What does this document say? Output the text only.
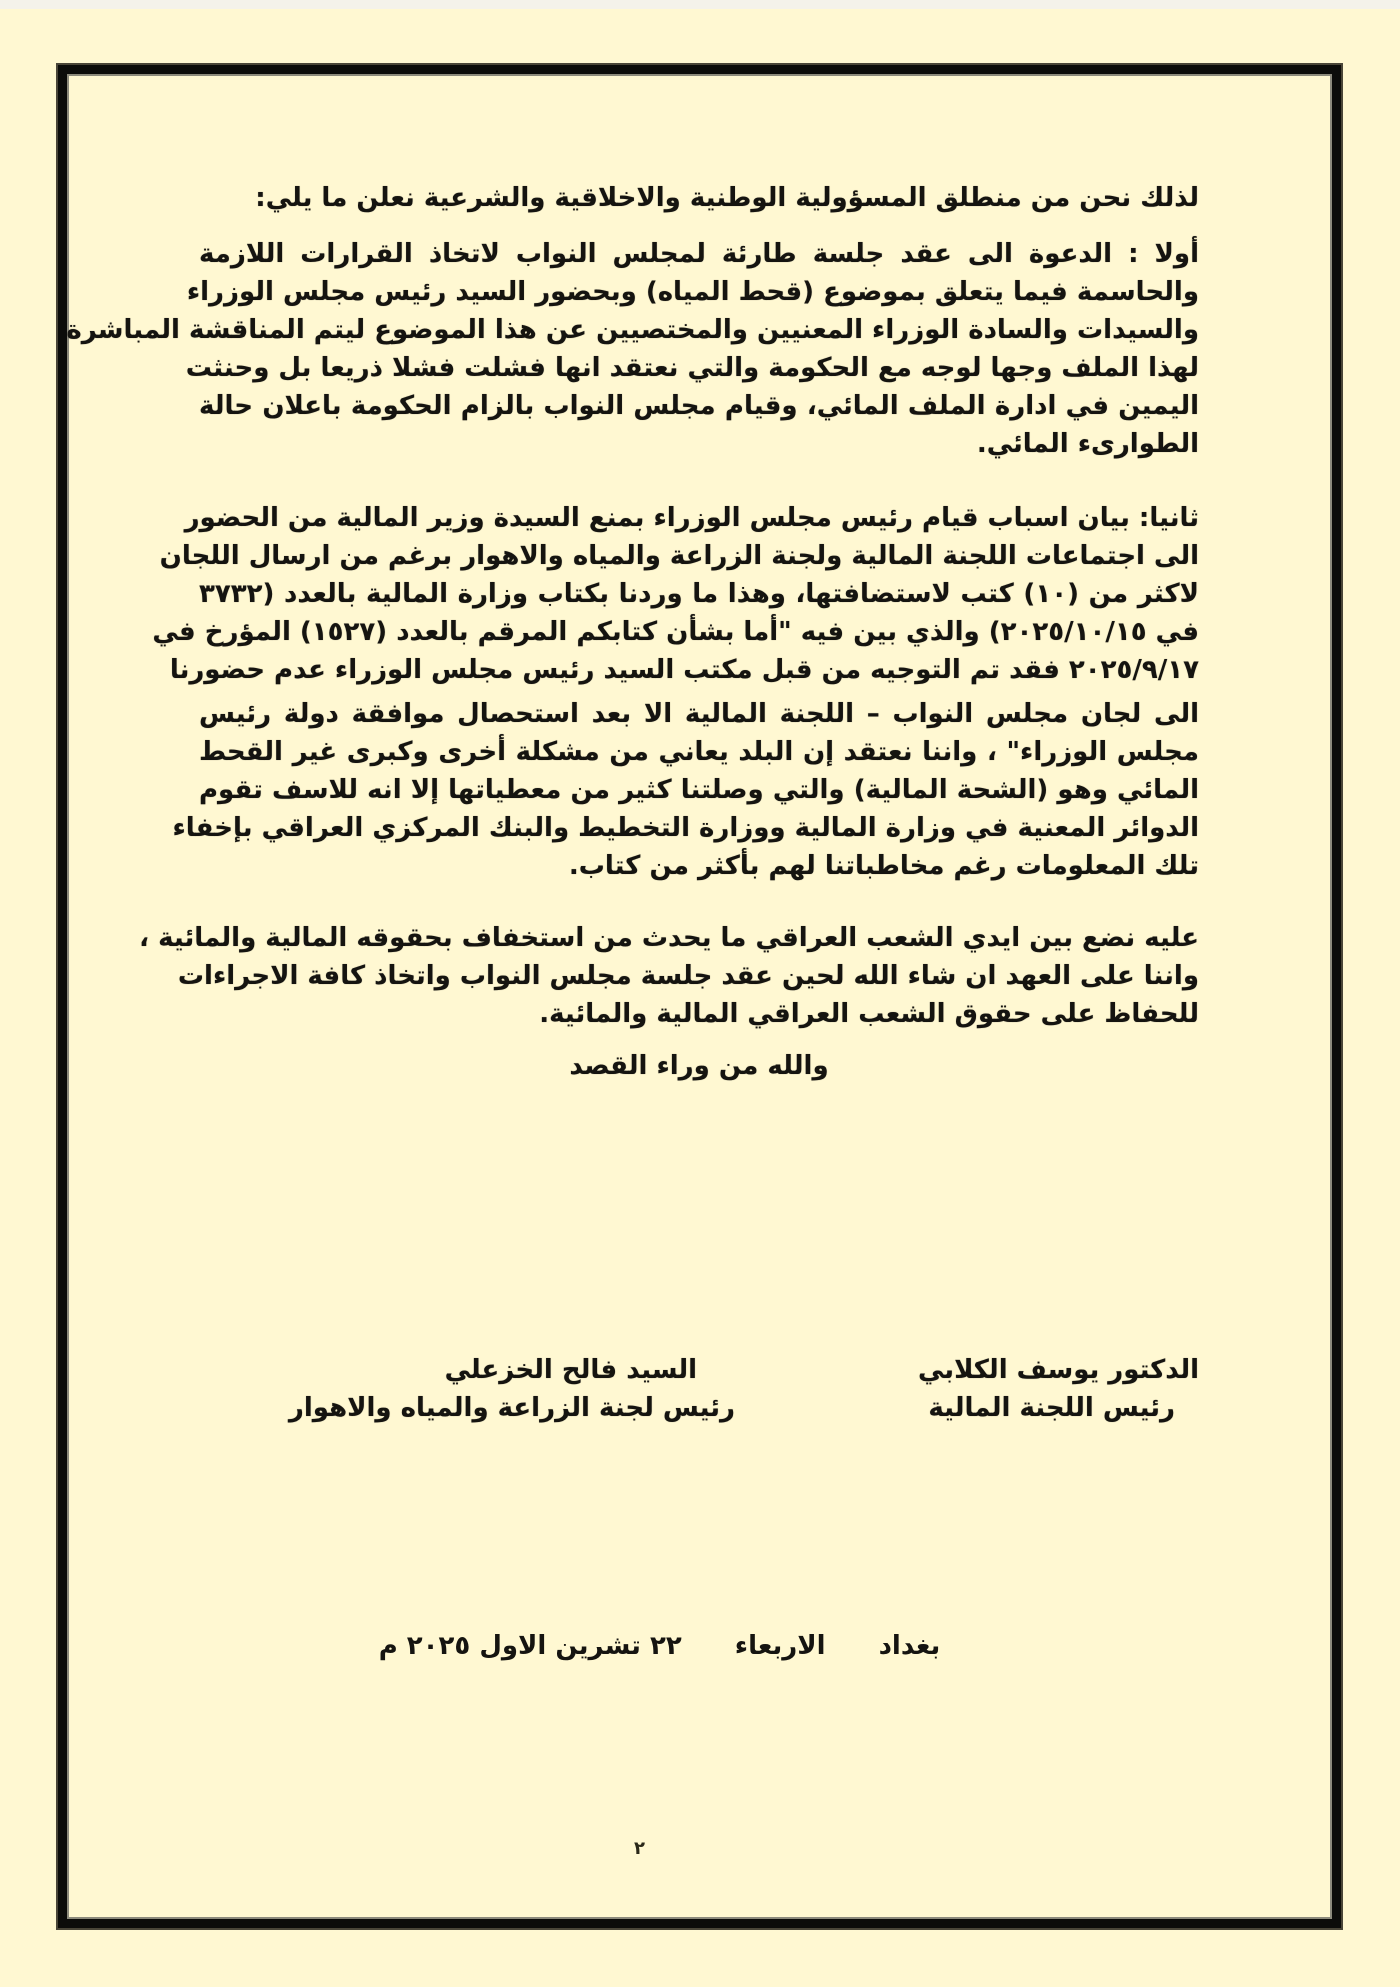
لذلك نحن من منطلق المسؤولية الوطنية والاخلاقية والشرعية نعلن ما يلي:
أولا : الدعوة الى عقد جلسة طارئة لمجلس النواب لاتخاذ القرارات اللازمة
والحاسمة فيما يتعلق بموضوع (قحط المياه) وبحضور السيد رئيس مجلس الوزراء
والسيدات والسادة الوزراء المعنيين والمختصيين عن هذا الموضوع ليتم المناقشة المباشرة
لهذا الملف وجها لوجه مع الحكومة والتي نعتقد انها فشلت فشلا ذريعا بل وحنثت
اليمين في ادارة الملف المائي، وقيام مجلس النواب بالزام الحكومة باعلان حالة
الطوارىء المائي.
ثانيا: بيان اسباب قيام رئيس مجلس الوزراء بمنع السيدة وزير المالية من الحضور
الى اجتماعات اللجنة المالية ولجنة الزراعة والمياه والاهوار برغم من ارسال اللجان
لاكثر من (١٠) كتب لاستضافتها، وهذا ما وردنا بكتاب وزارة المالية بالعدد (٣٧٣٢
في ٢٠٢٥/١٠/١٥) والذي بين فيه "أما بشأن كتابكم المرقم بالعدد (١٥٢٧) المؤرخ في
٢٠٢٥/٩/١٧ فقد تم التوجيه من قبل مكتب السيد رئيس مجلس الوزراء عدم حضورنا
الى لجان مجلس النواب – اللجنة المالية الا بعد استحصال موافقة دولة رئيس
مجلس الوزراء" ، واننا نعتقد إن البلد يعاني من مشكلة أخرى وكبرى غير القحط
المائي وهو (الشحة المالية) والتي وصلتنا كثير من معطياتها إلا انه للاسف تقوم
الدوائر المعنية في وزارة المالية ووزارة التخطيط والبنك المركزي العراقي بإخفاء
تلك المعلومات رغم مخاطباتنا لهم بأكثر من كتاب.
عليه نضع بين ايدي الشعب العراقي ما يحدث من استخفاف بحقوقه المالية والمائية ،
واننا على العهد ان شاء الله لحين عقد جلسة مجلس النواب واتخاذ كافة الاجراءات
للحفاظ على حقوق الشعب العراقي المالية والمائية.
والله من وراء القصد
الدكتور يوسف الكلابي
رئيس اللجنة المالية
السيد فالح الخزعلي
رئيس لجنة الزراعة والمياه والاهوار
بغداد الاربعاء ٢٢ تشرين الاول ٢٠٢٥ م
٢
